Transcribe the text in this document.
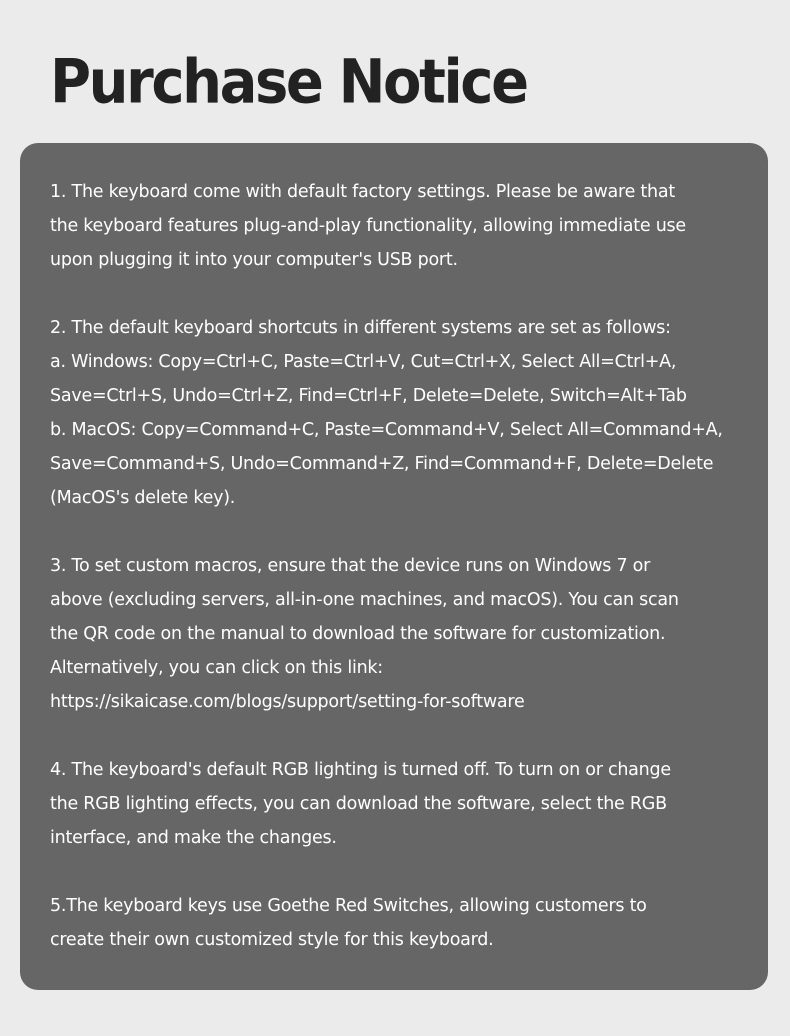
Purchase Notice
1. The keyboard come with default factory settings. Please be aware that
the keyboard features plug-and-play functionality, allowing immediate use
upon plugging it into your computer's USB port.
2. The default keyboard shortcuts in different systems are set as follows:
a. Windows: Copy=Ctrl+C, Paste=Ctrl+V, Cut=Ctrl+X, Select All=Ctrl+A,
Save=Ctrl+S, Undo=Ctrl+Z, Find=Ctrl+F, Delete=Delete, Switch=Alt+Tab
b. MacOS: Copy=Command+C, Paste=Command+V, Select All=Command+A,
Save=Command+S, Undo=Command+Z, Find=Command+F, Delete=Delete
(MacOS's delete key).
3. To set custom macros, ensure that the device runs on Windows 7 or
above (excluding servers, all-in-one machines, and macOS). You can scan
the QR code on the manual to download the software for customization.
Alternatively, you can click on this link:
https://sikaicase.com/blogs/support/setting-for-software
4. The keyboard's default RGB lighting is turned off. To turn on or change
the RGB lighting effects, you can download the software, select the RGB
interface, and make the changes.
5.The keyboard keys use Goethe Red Switches, allowing customers to
create their own customized style for this keyboard.
